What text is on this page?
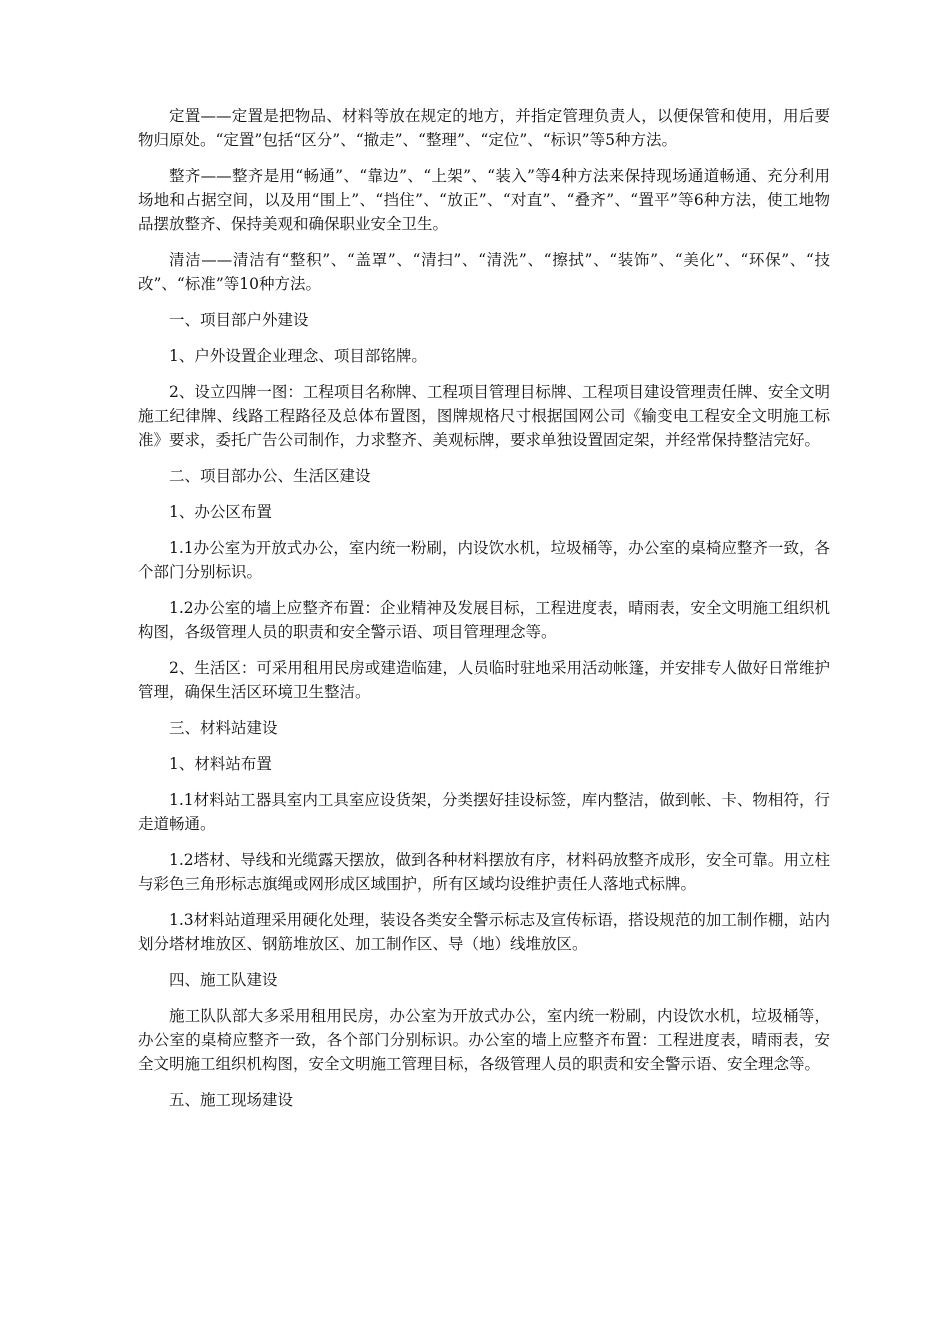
定置——定置是把物品、材料等放在规定的地方，并指定管理负责人，以便保管和使用，用后要物归原处。“定置”包括“区分”、“撤走”、“整理”、“定位”、“标识”等5种方法。

整齐——整齐是用“畅通”、“靠边”、“上架”、“装入”等4种方法来保持现场通道畅通、充分利用场地和占据空间，以及用“围上”、“挡住”、“放正”、“对直”、“叠齐”、“置平”等6种方法，使工地物品摆放整齐、保持美观和确保职业安全卫生。

清洁——清洁有“整积”、“盖罩”、“清扫”、“清洗”、“擦拭”、“装饰”、“美化”、“环保”、“技改”、“标准”等10种方法。

一、项目部户外建设

1、户外设置企业理念、项目部铭牌。

2、设立四牌一图：工程项目名称牌、工程项目管理目标牌、工程项目建设管理责任牌、安全文明施工纪律牌、线路工程路径及总体布置图，图牌规格尺寸根据国网公司《输变电工程安全文明施工标准》要求，委托广告公司制作，力求整齐、美观标牌，要求单独设置固定架，并经常保持整洁完好。

二、项目部办公、生活区建设

1、办公区布置

1.1办公室为开放式办公，室内统一粉刷，内设饮水机，垃圾桶等，办公室的桌椅应整齐一致，各个部门分别标识。

1.2办公室的墙上应整齐布置：企业精神及发展目标，工程进度表，晴雨表，安全文明施工组织机构图，各级管理人员的职责和安全警示语、项目管理理念等。

2、生活区：可采用租用民房或建造临建，人员临时驻地采用活动帐篷，并安排专人做好日常维护管理，确保生活区环境卫生整洁。

三、材料站建设

1、材料站布置

1.1材料站工器具室内工具室应设货架，分类摆好挂设标签，库内整洁，做到帐、卡、物相符，行走道畅通。

1.2塔材、导线和光缆露天摆放，做到各种材料摆放有序，材料码放整齐成形，安全可靠。用立柱与彩色三角形标志旗绳或网形成区域围护，所有区域均设维护责任人落地式标牌。

1.3材料站道理采用硬化处理，装设各类安全警示标志及宣传标语，搭设规范的加工制作棚，站内划分塔材堆放区、钢筋堆放区、加工制作区、导（地）线堆放区。

四、施工队建设

施工队队部大多采用租用民房，办公室为开放式办公，室内统一粉刷，内设饮水机，垃圾桶等，办公室的桌椅应整齐一致，各个部门分别标识。办公室的墙上应整齐布置：工程进度表，晴雨表，安全文明施工组织机构图，安全文明施工管理目标，各级管理人员的职责和安全警示语、安全理念等。

五、施工现场建设
